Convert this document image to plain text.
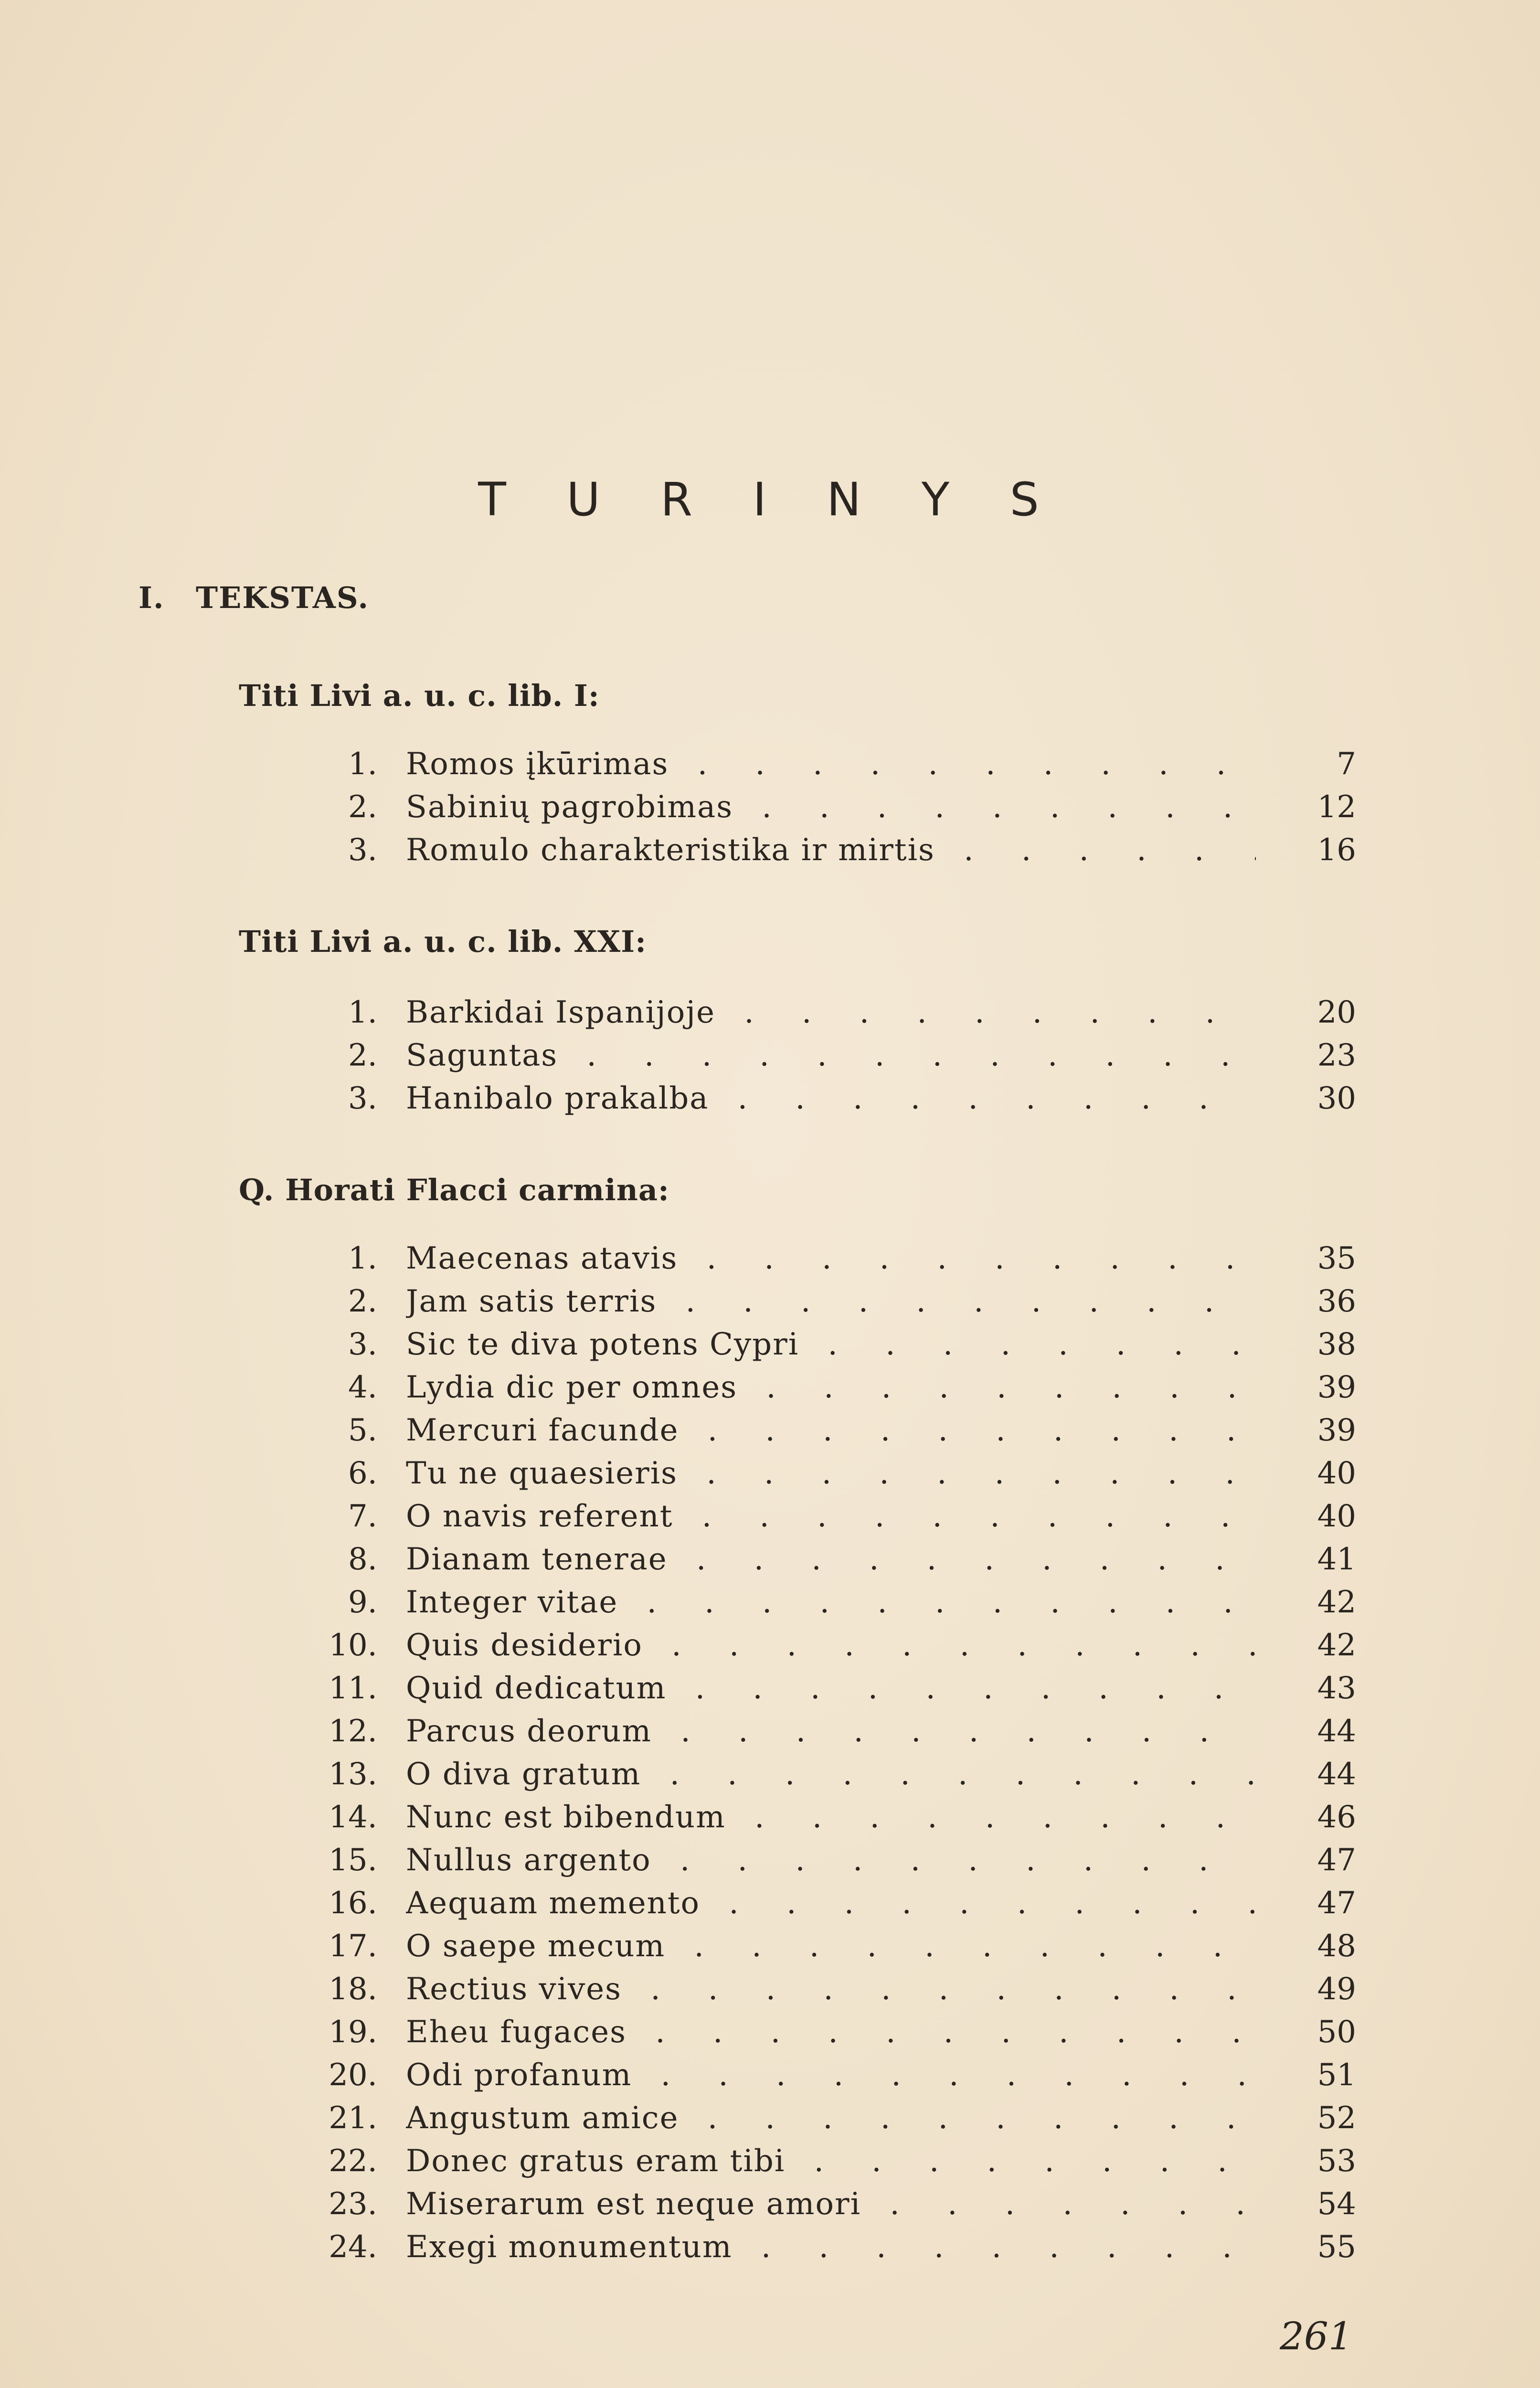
T U R I N Y S
I. TEKSTAS.
Titi Livi a. u. c. lib. I:
1. Romos įkūrimas . . .	7
2. Sabinių pagrobimas . . .	12
3. Romulo charakteristika ir mirtis . . .	16
Titi Livi a. u. c. lib. XXI:
1. Barkidai Ispanijoje . . .	20
2. Saguntas . . .	23
3. Hanibalo prakalba . . .	30
Q. Horati Flacci carmina:
1. Maecenas atavis . . .	35
2. Jam satis terris . . .	36
3. Sic te diva potens Cypri . . .	38
4. Lydia dic per omnes . . .	39
5. Mercuri facunde . . .	39
6. Tu ne quaesieris . . .	40
7. O navis referent . . .	40
8. Dianam tenerae . . .	41
9. Integer vitae . . .	42
10. Quis desiderio . . .	42
11. Quid dedicatum . . .	43
12. Parcus deorum . . .	44
13. O diva gratum . . .	44
14. Nunc est bibendum . . .	46
15. Nullus argento . . .	47
16. Aequam memento . . .	47
17. O saepe mecum . . .	48
18. Rectius vives . . .	49
19. Eheu fugaces . . .	50
20. Odi profanum . . .	51
21. Angustum amice . . .	52
22. Donec gratus eram tibi . . .	53
23. Miserarum est neque amori . . .	54
24. Exegi monumentum . . .	55
261
